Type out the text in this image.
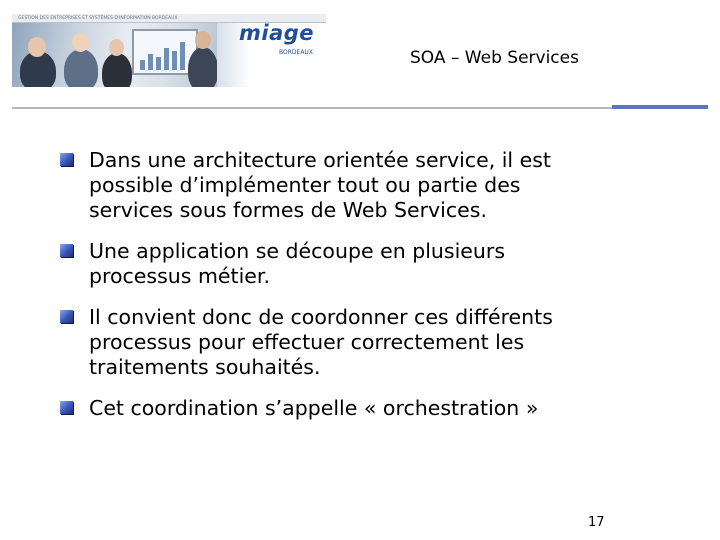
GESTION DES ENTREPRISES ET SYSTÈMES D'INFORMATION BORDEAUX
miage
BORDEAUX	SOA – Web Services
Dans une architecture orientée service, il est
possible d’implémenter tout ou partie des
services sous formes de Web Services.
Une application se découpe en plusieurs
processus métier.
Il convient donc de coordonner ces différents
processus pour effectuer correctement les
traitements souhaités.
Cet coordination s’appelle « orchestration »
17
